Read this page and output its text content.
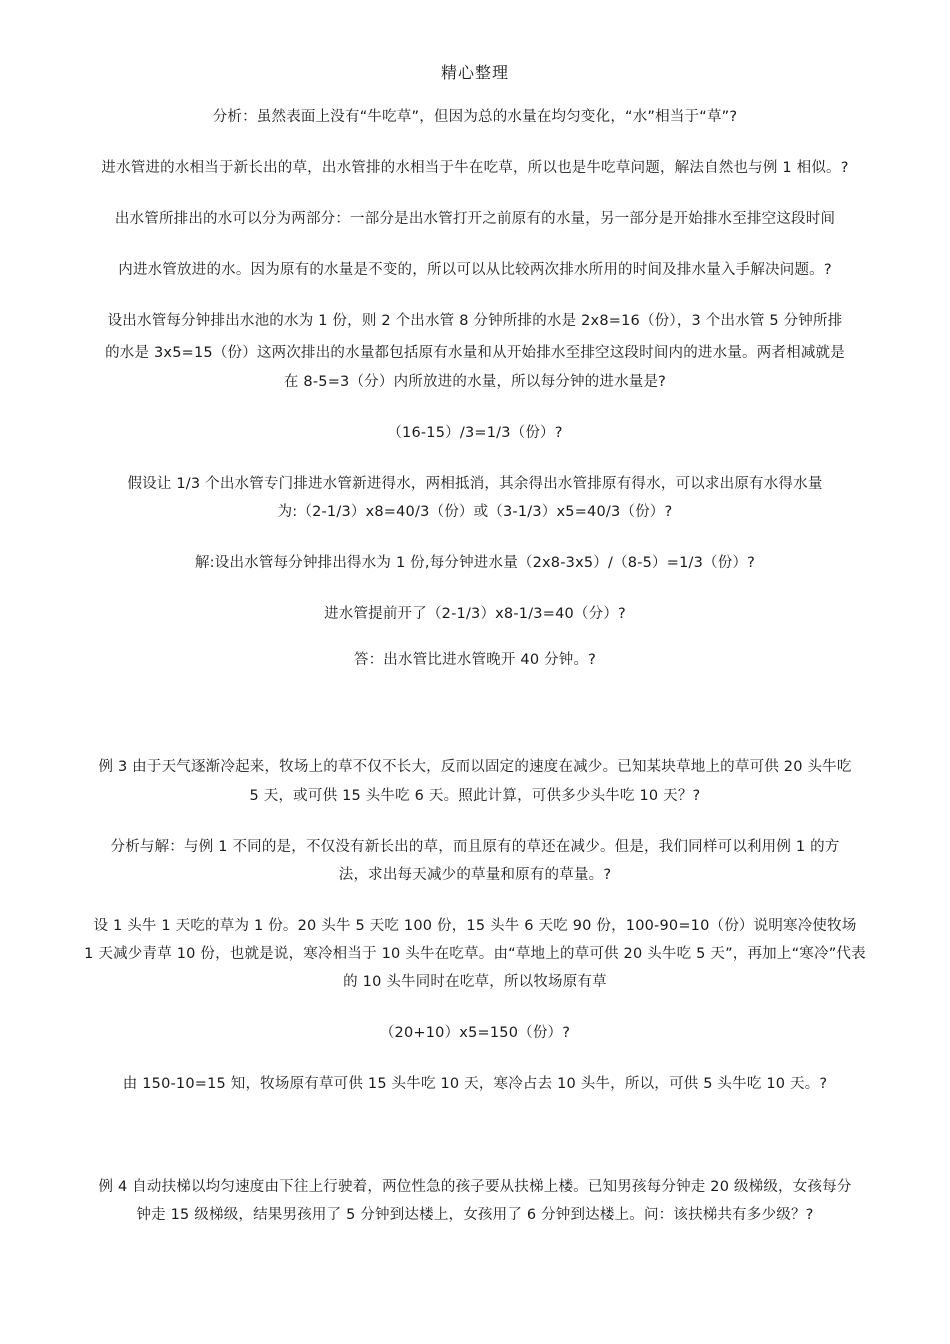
精心整理
分析：虽然表面上没有“牛吃草”，但因为总的水量在均匀变化，“水”相当于“草”?
进水管进的水相当于新长出的草，出水管排的水相当于牛在吃草，所以也是牛吃草问题，解法自然也与例 1 相似。?
出水管所排出的水可以分为两部分：一部分是出水管打开之前原有的水量，另一部分是开始排水至排空这段时间
内进水管放进的水。因为原有的水量是不变的，所以可以从比较两次排水所用的时间及排水量入手解决问题。?
设出水管每分钟排出水池的水为 1 份，则 2 个出水管 8 分钟所排的水是 2x8=16（份），3 个出水管 5 分钟所排
的水是 3x5=15（份）这两次排出的水量都包括原有水量和从开始排水至排空这段时间内的进水量。两者相减就是
在 8-5=3（分）内所放进的水量，所以每分钟的进水量是?
（16-15）/3=1/3（份）?
假设让 1/3 个出水管专门排进水管新进得水，两相抵消，其余得出水管排原有得水，可以求出原有水得水量
为:（2-1/3）x8=40/3（份）或（3-1/3）x5=40/3（份）?
解:设出水管每分钟排出得水为 1 份,每分钟进水量（2x8-3x5）/（8-5）=1/3（份）?
进水管提前开了（2-1/3）x8-1/3=40（分）?
答：出水管比进水管晚开 40 分钟。?
例 3 由于天气逐渐冷起来，牧场上的草不仅不长大，反而以固定的速度在减少。已知某块草地上的草可供 20 头牛吃
5 天，或可供 15 头牛吃 6 天。照此计算，可供多少头牛吃 10 天？?
分析与解：与例 1 不同的是，不仅没有新长出的草，而且原有的草还在减少。但是，我们同样可以利用例 1 的方
法，求出每天减少的草量和原有的草量。?
设 1 头牛 1 天吃的草为 1 份。20 头牛 5 天吃 100 份，15 头牛 6 天吃 90 份，100-90=10（份）说明寒冷使牧场
1 天减少青草 10 份，也就是说，寒冷相当于 10 头牛在吃草。由“草地上的草可供 20 头牛吃 5 天”，再加上“寒冷”代表
的 10 头牛同时在吃草，所以牧场原有草
（20+10）x5=150（份）?
由 150-10=15 知，牧场原有草可供 15 头牛吃 10 天，寒冷占去 10 头牛，所以，可供 5 头牛吃 10 天。?
例 4 自动扶梯以均匀速度由下往上行驶着，两位性急的孩子要从扶梯上楼。已知男孩每分钟走 20 级梯级，女孩每分
钟走 15 级梯级，结果男孩用了 5 分钟到达楼上，女孩用了 6 分钟到达楼上。问：该扶梯共有多少级？?
